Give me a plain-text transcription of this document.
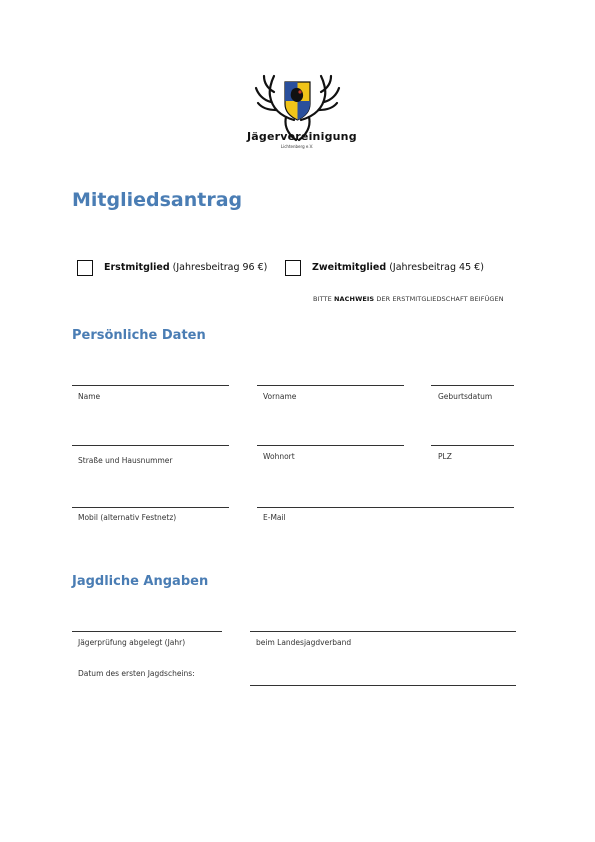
Jägervereinigung
Lichtenberg e.V.
Mitgliedsantrag
Erstmitglied (Jahresbeitrag 96 €)	Zweitmitglied (Jahresbeitrag 45 €)
BITTE NACHWEIS DER ERSTMITGLIEDSCHAFT BEIFÜGEN
Persönliche Daten
Name	Vorname	Geburtsdatum
Straße und Hausnummer	Wohnort	PLZ
Mobil (alternativ Festnetz)	E-Mail
Jagdliche Angaben
Jägerprüfung abgelegt (Jahr)	beim Landesjagdverband
Datum des ersten Jagdscheins:
